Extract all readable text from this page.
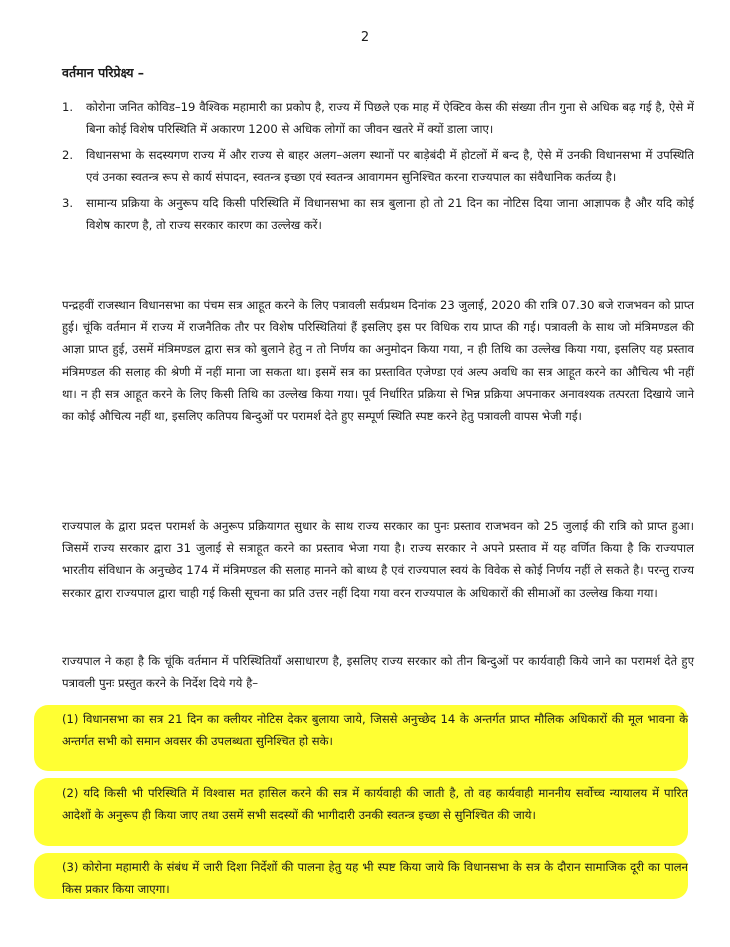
2
वर्तमान परिप्रेक्ष्य –
1. कोरोना जनित कोविड–19 वैश्विक महामारी का प्रकोप है, राज्य में पिछले एक माह में ऐक्टिव केस की संख्या तीन गुना से अधिक बढ़ गई है, ऐसे में बिना कोई विशेष परिस्थिति में अकारण 1200 से अधिक लोगों का जीवन खतरे में क्यों डाला जाए।
2. विधानसभा के सदस्यगण राज्य में और राज्य से बाहर अलग–अलग स्थानों पर बाड़ेबंदी में होटलों में बन्द है, ऐसे में उनकी विधानसभा में उपस्थिति एवं उनका स्वतन्त्र रूप से कार्य संपादन, स्वतन्त्र इच्छा एवं स्वतन्त्र आवागमन सुनिश्चित करना राज्यपाल का संवैधानिक कर्तव्य है।
3. सामान्य प्रक्रिया के अनुरूप यदि किसी परिस्थिति में विधानसभा का सत्र बुलाना हो तो 21 दिन का नोटिस दिया जाना आज्ञापक है और यदि कोई विशेष कारण है, तो राज्य सरकार कारण का उल्लेख करें।

पन्द्रहवीं राजस्थान विधानसभा का पंचम सत्र आहूत करने के लिए पत्रावली सर्वप्रथम दिनांक 23 जुलाई, 2020 की रात्रि 07.30 बजे राजभवन को प्राप्त हुई। चूंकि वर्तमान में राज्य में राजनैतिक तौर पर विशेष परिस्थितियां हैं इसलिए इस पर विधिक राय प्राप्त की गई। पत्रावली के साथ जो मंत्रिमण्डल की आज्ञा प्राप्त हुई, उसमें मंत्रिमण्डल द्वारा सत्र को बुलाने हेतु न तो निर्णय का अनुमोदन किया गया, न ही तिथि का उल्लेख किया गया, इसलिए यह प्रस्ताव मंत्रिमण्डल की सलाह की श्रेणी में नहीं माना जा सकता था। इसमें सत्र का प्रस्तावित एजेण्डा एवं अल्प अवधि का सत्र आहूत करने का औचित्य भी नहीं था। न ही सत्र आहूत करने के लिए किसी तिथि का उल्लेख किया गया। पूर्व निर्धारित प्रक्रिया से भिन्न प्रक्रिया अपनाकर अनावश्यक तत्परता दिखाये जाने का कोई औचित्य नहीं था, इसलिए कतिपय बिन्दुओं पर परामर्श देते हुए सम्पूर्ण स्थिति स्पष्ट करने हेतु पत्रावली वापस भेजी गई।

राज्यपाल के द्वारा प्रदत्त परामर्श के अनुरूप प्रक्रियागत सुधार के साथ राज्य सरकार का पुनः प्रस्ताव राजभवन को 25 जुलाई की रात्रि को प्राप्त हुआ। जिसमें राज्य सरकार द्वारा 31 जुलाई से सत्राहूत करने का प्रस्ताव भेजा गया है। राज्य सरकार ने अपने प्रस्ताव में यह वर्णित किया है कि राज्यपाल भारतीय संविधान के अनुच्छेद 174 में मंत्रिमण्डल की सलाह मानने को बाध्य है एवं राज्यपाल स्वयं के विवेक से कोई निर्णय नहीं ले सकते है। परन्तु राज्य सरकार द्वारा राज्यपाल द्वारा चाही गई किसी सूचना का प्रति उत्तर नहीं दिया गया वरन राज्यपाल के अधिकारों की सीमाओं का उल्लेख किया गया।

राज्यपाल ने कहा है कि चूंकि वर्तमान में परिस्थितियाँ असाधारण है, इसलिए राज्य सरकार को तीन बिन्दुओं पर कार्यवाही किये जाने का परामर्श देते हुए पत्रावली पुनः प्रस्तुत करने के निर्देश दिये गये है–

(1) विधानसभा का सत्र 21 दिन का क्लीयर नोटिस देकर बुलाया जाये, जिससे अनुच्छेद 14 के अन्तर्गत प्राप्त मौलिक अधिकारों की मूल भावना के अन्तर्गत सभी को समान अवसर की उपलब्धता सुनिश्चित हो सके।

(2) यदि किसी भी परिस्थिति में विश्वास मत हासिल करने की सत्र में कार्यवाही की जाती है, तो वह कार्यवाही माननीय सर्वोच्च न्यायालय में पारित आदेशों के अनुरूप ही किया जाए तथा उसमें सभी सदस्यों की भागीदारी उनकी स्वतन्त्र इच्छा से सुनिश्चित की जाये।

(3) कोरोना महामारी के संबंध में जारी दिशा निर्देशों की पालना हेतु यह भी स्पष्ट किया जाये कि विधानसभा के सत्र के दौरान सामाजिक दूरी का पालन किस प्रकार किया जाएगा।
